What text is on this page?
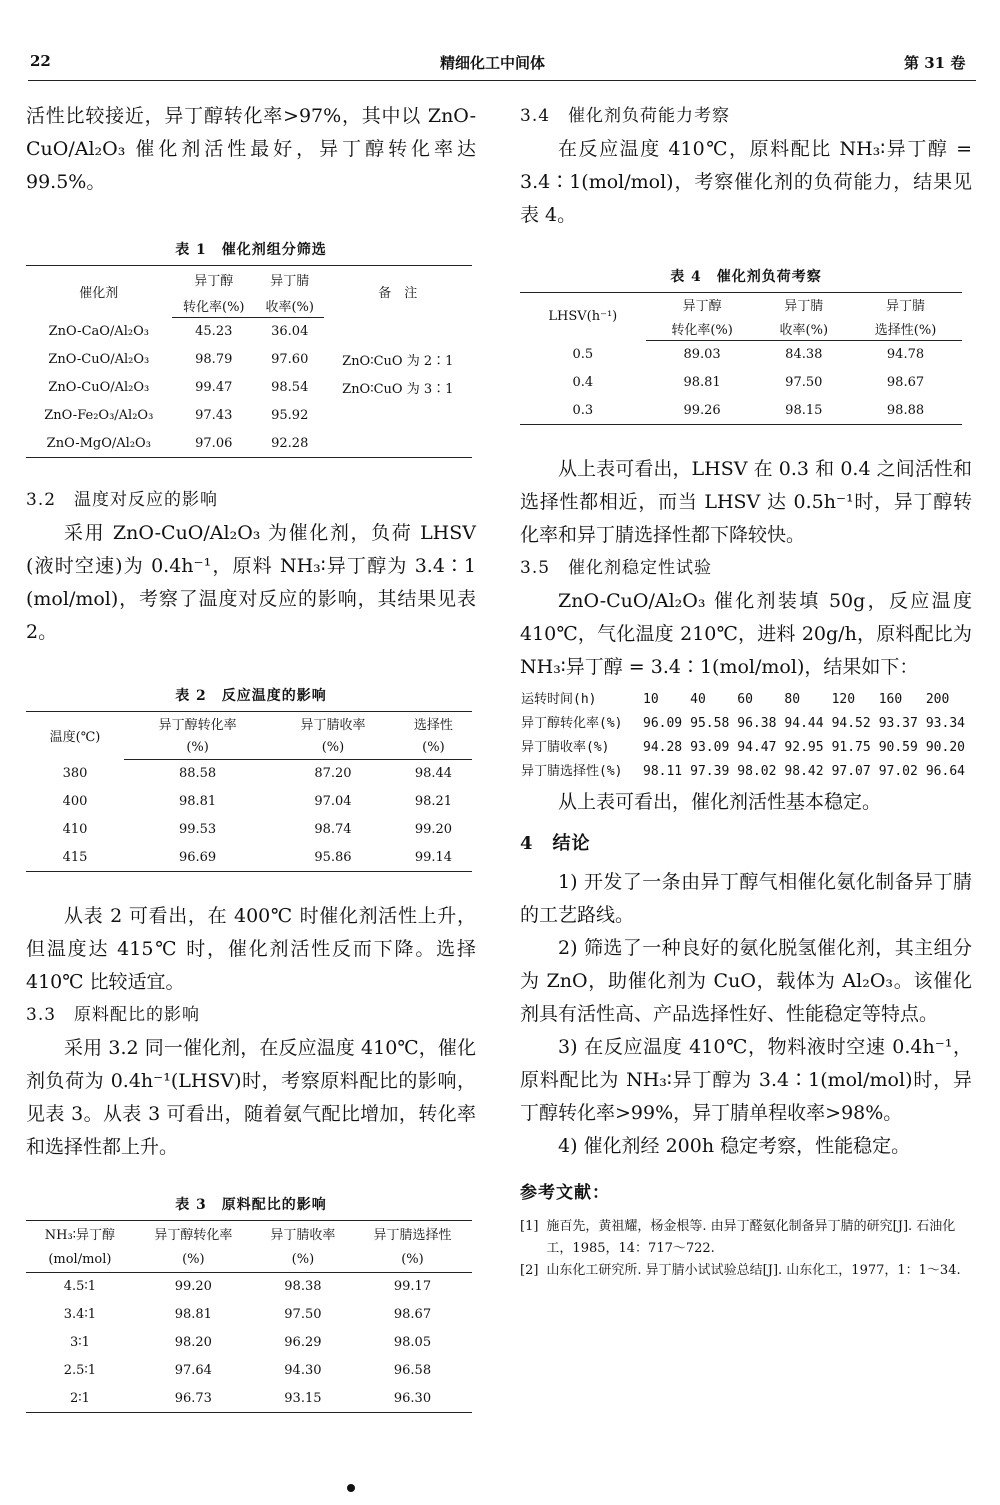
22	精细化工中间体	第 31 卷

活性比较接近，异丁醇转化率>97%，其中以 ZnO-CuO/Al₂O₃ 催化剂活性最好，异丁醇转化率达 99.5%。

表 1　催化剂组分筛选

催化剂	异丁醇	异丁腈	备　注
	转化率(%)	收率(%)	
ZnO-CaO/Al₂O₃	45.23	36.04	
ZnO-CuO/Al₂O₃	98.79	97.60	ZnO∶CuO 为 2∶1
ZnO-CuO/Al₂O₃	99.47	98.54	ZnO∶CuO 为 3∶1
ZnO-Fe₂O₃/Al₂O₃	97.43	95.92	
ZnO-MgO/Al₂O₃	97.06	92.28	

3.2　温度对反应的影响

采用 ZnO-CuO/Al₂O₃ 为催化剂，负荷 LHSV (液时空速)为 0.4h⁻¹，原料 NH₃∶异丁醇为 3.4∶1 (mol/mol)，考察了温度对反应的影响，其结果见表 2。

表 2　反应温度的影响

温度(℃)	异丁醇转化率	异丁腈收率	选择性
	(%)	(%)	(%)
380	88.58	87.20	98.44
400	98.81	97.04	98.21
410	99.53	98.74	99.20
415	96.69	95.86	99.14

从表 2 可看出，在 400℃ 时催化剂活性上升，但温度达 415℃ 时，催化剂活性反而下降。选择 410℃ 比较适宜。

3.3　原料配比的影响

采用 3.2 同一催化剂，在反应温度 410℃，催化剂负荷为 0.4h⁻¹(LHSV)时，考察原料配比的影响，见表 3。从表 3 可看出，随着氨气配比增加，转化率和选择性都上升。

表 3　原料配比的影响

NH₃∶异丁醇	异丁醇转化率	异丁腈收率	异丁腈选择性
(mol/mol)	(%)	(%)	(%)
4.5∶1	99.20	98.38	99.17
3.4∶1	98.81	97.50	98.67
3∶1	98.20	96.29	98.05
2.5∶1	97.64	94.30	96.58
2∶1	96.73	93.15	96.30

3.4　催化剂负荷能力考察

在反应温度 410℃，原料配比 NH₃∶异丁醇 = 3.4∶1(mol/mol)，考察催化剂的负荷能力，结果见表 4。

表 4　催化剂负荷考察

LHSV(h⁻¹)	异丁醇	异丁腈	异丁腈
	转化率(%)	收率(%)	选择性(%)
0.5	89.03	84.38	94.78
0.4	98.81	97.50	98.67
0.3	99.26	98.15	98.88

从上表可看出，LHSV 在 0.3 和 0.4 之间活性和选择性都相近，而当 LHSV 达 0.5h⁻¹时，异丁醇转化率和异丁腈选择性都下降较快。

3.5　催化剂稳定性试验

ZnO-CuO/Al₂O₃ 催化剂装填 50g，反应温度 410℃，气化温度 210℃，进料 20g/h，原料配比为 NH₃∶异丁醇 = 3.4∶1(mol/mol)，结果如下：

运转时间(h)	10	40	60	80	120	160	200
异丁醇转化率(%)	96.09	95.58	96.38	94.44	94.52	93.37	93.34
异丁腈收率(%)	94.28	93.09	94.47	92.95	91.75	90.59	90.20
异丁腈选择性(%)	98.11	97.39	98.02	98.42	97.07	97.02	96.64

从上表可看出，催化剂活性基本稳定。

4　结论

1) 开发了一条由异丁醇气相催化氨化制备异丁腈的工艺路线。

2) 筛选了一种良好的氨化脱氢催化剂，其主组分为 ZnO，助催化剂为 CuO，载体为 Al₂O₃。该催化剂具有活性高、产品选择性好、性能稳定等特点。

3) 在反应温度 410℃，物料液时空速 0.4h⁻¹，原料配比为 NH₃∶异丁醇为 3.4∶1(mol/mol)时，异丁醇转化率>99%，异丁腈单程收率>98%。

4) 催化剂经 200h 稳定考察，性能稳定。

参考文献：

[1] 施百先，黄祖耀，杨金根等. 由异丁醛氨化制备异丁腈的研究[J]. 石油化工，1985，14：717～722.
[2] 山东化工研究所. 异丁腈小试试验总结[J]. 山东化工，1977，1：1～34.
